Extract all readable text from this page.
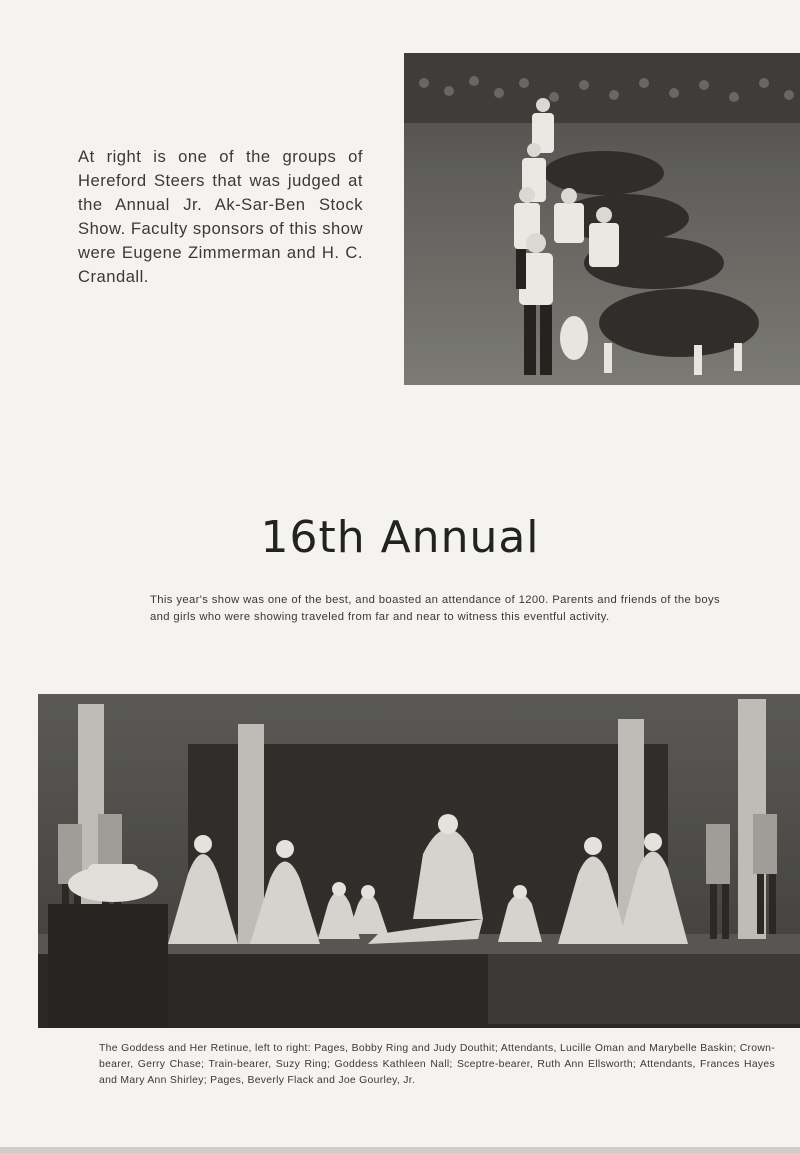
At right is one of the groups of Hereford Steers that was judged at the Annual Jr. Ak-Sar-Ben Stock Show. Faculty sponsors of this show were Eugene Zimmerman and H. C. Crandall.

16th Annual

This year's show was one of the best, and boasted an attendance of 1200. Parents and friends of the boys and girls who were showing traveled from far and near to witness this eventful activity.

The Goddess and Her Retinue, left to right: Pages, Bobby Ring and Judy Douthit; Attendants, Lucille Oman and Marybelle Baskin; Crown-bearer, Gerry Chase; Train-bearer, Suzy Ring; Goddess Kathleen Nall; Sceptre-bearer, Ruth Ann Ellsworth; Attendants, Frances Hayes and Mary Ann Shirley; Pages, Beverly Flack and Joe Gourley, Jr.
